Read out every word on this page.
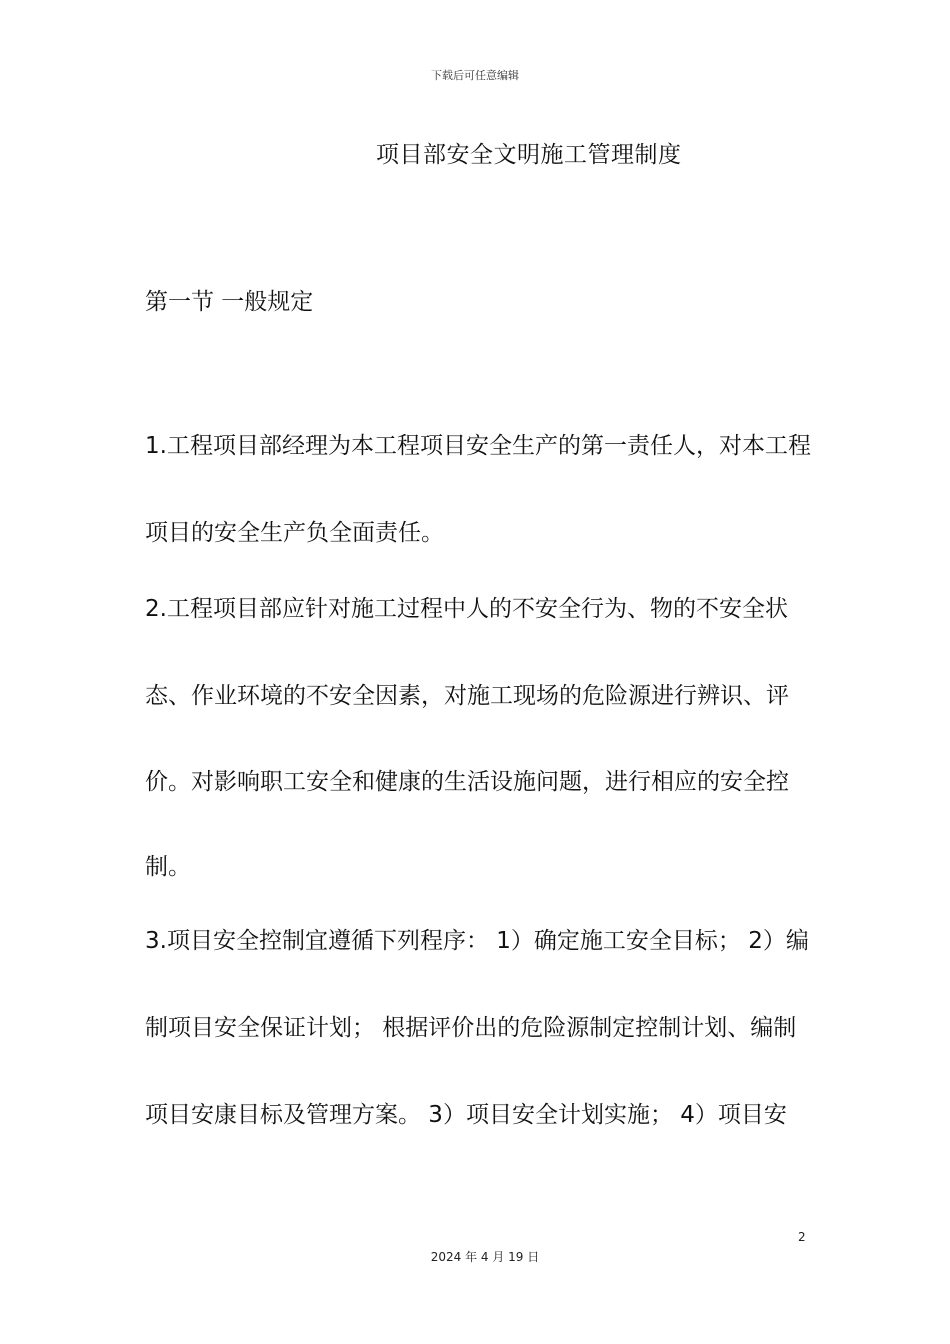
下载后可任意编辑
项目部安全文明施工管理制度
第一节 一般规定
1.工程项目部经理为本工程项目安全生产的第一责任人，对本工程
项目的安全生产负全面责任。
2.工程项目部应针对施工过程中人的不安全行为、物的不安全状
态、作业环境的不安全因素，对施工现场的危险源进行辨识、评
价。对影响职工安全和健康的生活设施问题，进行相应的安全控
制。
3.项目安全控制宜遵循下列程序： 1）确定施工安全目标； 2）编
制项目安全保证计划； 根据评价出的危险源制定控制计划、编制
项目安康目标及管理方案。 3）项目安全计划实施； 4）项目安
2
2024 年 4 月 19 日
